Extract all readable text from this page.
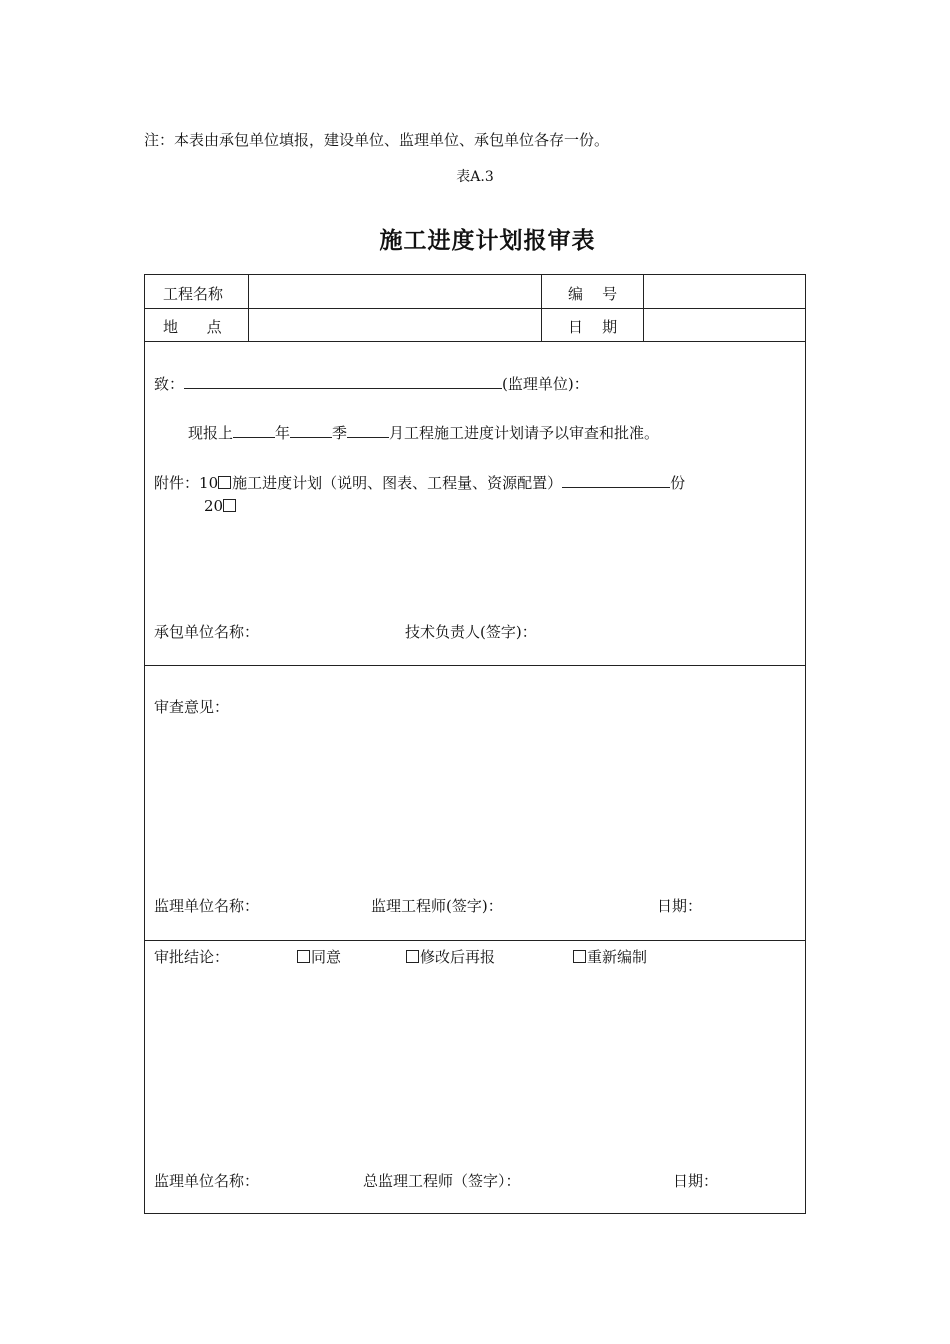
注：本表由承包单位填报，建设单位、监理单位、承包单位各存一份。
表A.3
施工进度计划报审表
工程名称	编    号
地      点	日    期
致：	(监理单位)：
现报上	年	季	月工程施工进度计划请予以审查和批准。
附件：10 施工进度计划（说明、图表、工程量、资源配置）	份
20
承包单位名称：	技术负责人(签字)：
审查意见：
监理单位名称：	监理工程师(签字)：	日期：
审批结论：	同意	修改后再报	重新编制
监理单位名称：	总监理工程师（签字）：	日期：
